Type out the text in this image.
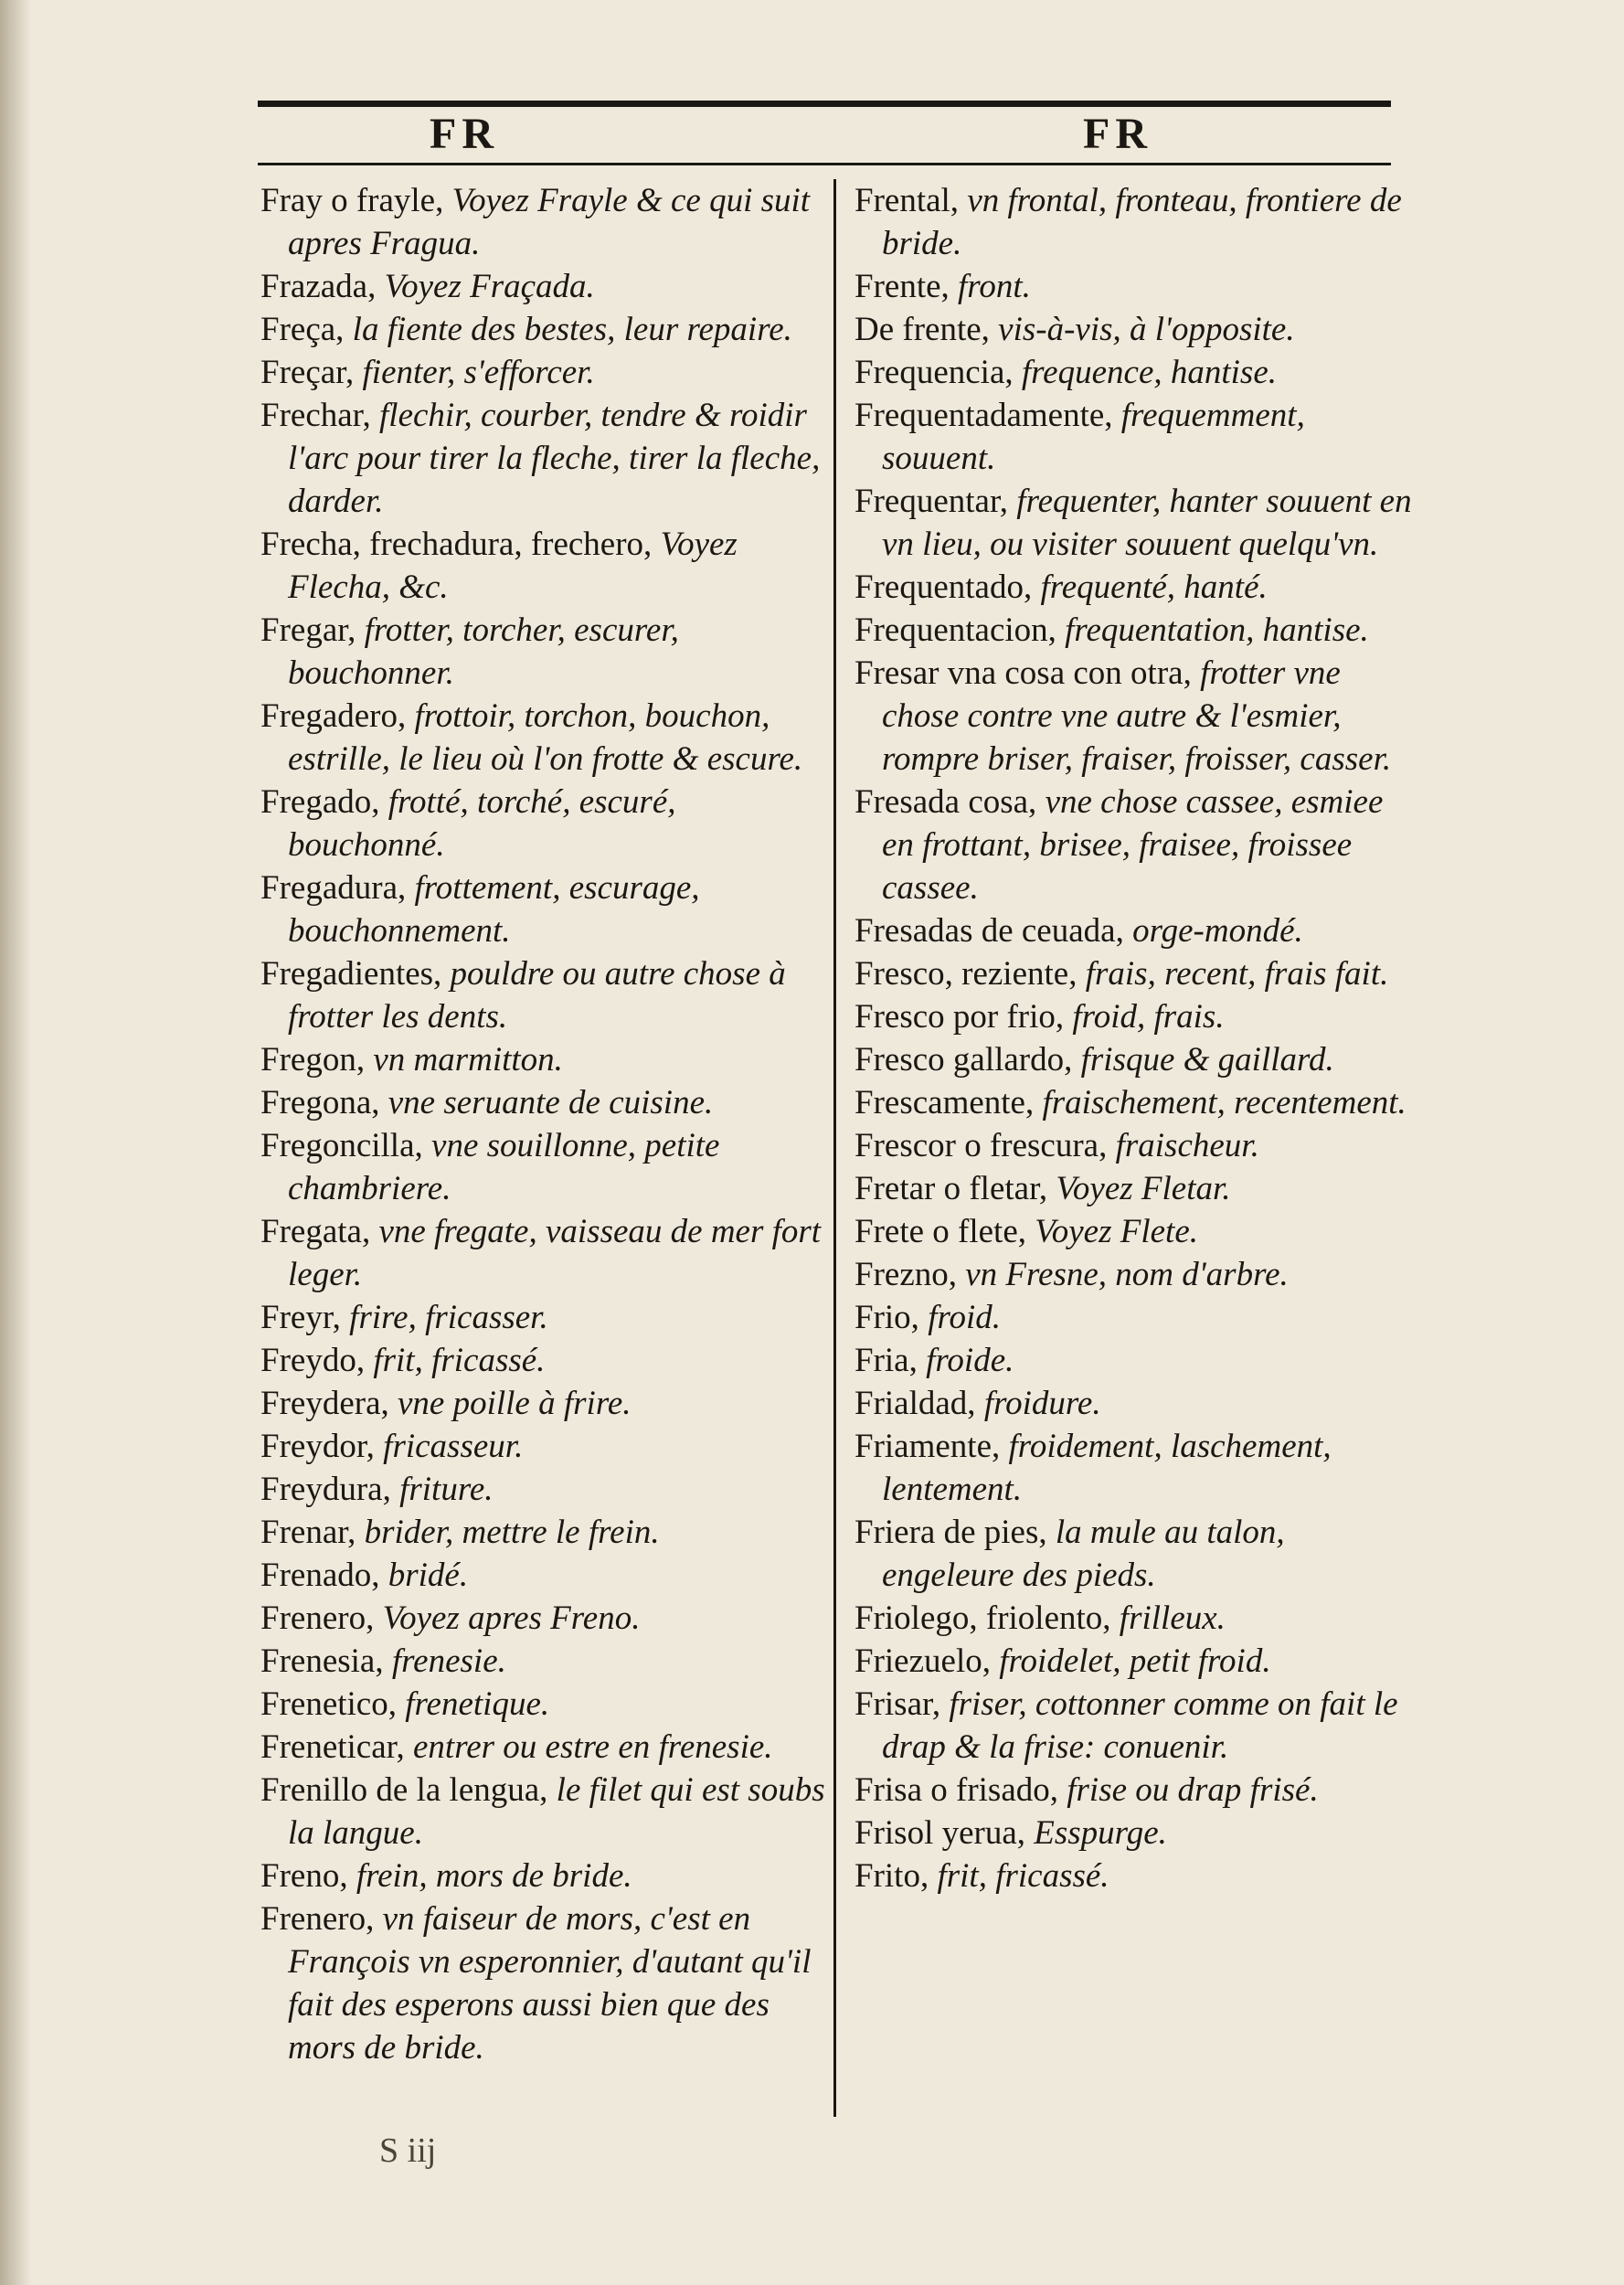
FR	FR

Fray o frayle, Voyez Frayle & ce qui suit apres Fragua.

Frazada, Voyez Fraçada.

Freça, la fiente des bestes, leur repaire.

Freçar, fienter, s'efforcer.

Frechar, flechir, courber, tendre & roidir l'arc pour tirer la fleche, tirer la fleche, darder.

Frecha, frechadura, frechero, Voyez Flecha, &c.

Fregar, frotter, torcher, escurer, bouchonner.

Fregadero, frottoir, torchon, bouchon, estrille, le lieu où l'on frotte & escure.

Fregado, frotté, torché, escuré, bouchonné.

Fregadura, frottement, escurage, bouchonnement.

Fregadientes, pouldre ou autre chose à frotter les dents.

Fregon, vn marmitton.

Fregona, vne seruante de cuisine.

Fregoncilla, vne souillonne, petite chambriere.

Fregata, vne fregate, vaisseau de mer fort leger.

Freyr, frire, fricasser.

Freydo, frit, fricassé.

Freydera, vne poille à frire.

Freydor, fricasseur.

Freydura, friture.

Frenar, brider, mettre le frein.

Frenado, bridé.

Frenero, Voyez apres Freno.

Frenesia, frenesie.

Frenetico, frenetique.

Freneticar, entrer ou estre en frenesie.

Frenillo de la lengua, le filet qui est soubs la langue.

Freno, frein, mors de bride.

Frenero, vn faiseur de mors, c'est en François vn esperonnier, d'autant qu'il fait des esperons aussi bien que des mors de bride.

Frental, vn frontal, fronteau, frontiere de bride.

Frente, front.

De frente, vis-à-vis, à l'opposite.

Frequencia, frequence, hantise.

Frequentadamente, frequemment, souuent.

Frequentar, frequenter, hanter souuent en vn lieu, ou visiter souuent quelqu'vn.

Frequentado, frequenté, hanté.

Frequentacion, frequentation, hantise.

Fresar vna cosa con otra, frotter vne chose contre vne autre & l'esmier, rompre briser, fraiser, froisser, casser.

Fresada cosa, vne chose cassee, esmiee en frottant, brisee, fraisee, froissee cassee.

Fresadas de ceuada, orge-mondé.

Fresco, reziente, frais, recent, frais fait.

Fresco por frio, froid, frais.

Fresco gallardo, frisque & gaillard.

Frescamente, fraischement, recentement.

Frescor o frescura, fraischeur.

Fretar o fletar, Voyez Fletar.

Frete o flete, Voyez Flete.

Frezno, vn Fresne, nom d'arbre.

Frio, froid.

Fria, froide.

Frialdad, froidure.

Friamente, froidement, laschement, lentement.

Friera de pies, la mule au talon, engeleure des pieds.

Friolego, friolento, frilleux.

Friezuelo, froidelet, petit froid.

Frisar, friser, cottonner comme on fait le drap & la frise: conuenir.

Frisa o frisado, frise ou drap frisé.

Frisol yerua, Esspurge.

Frito, frit, fricassé.

S iij
